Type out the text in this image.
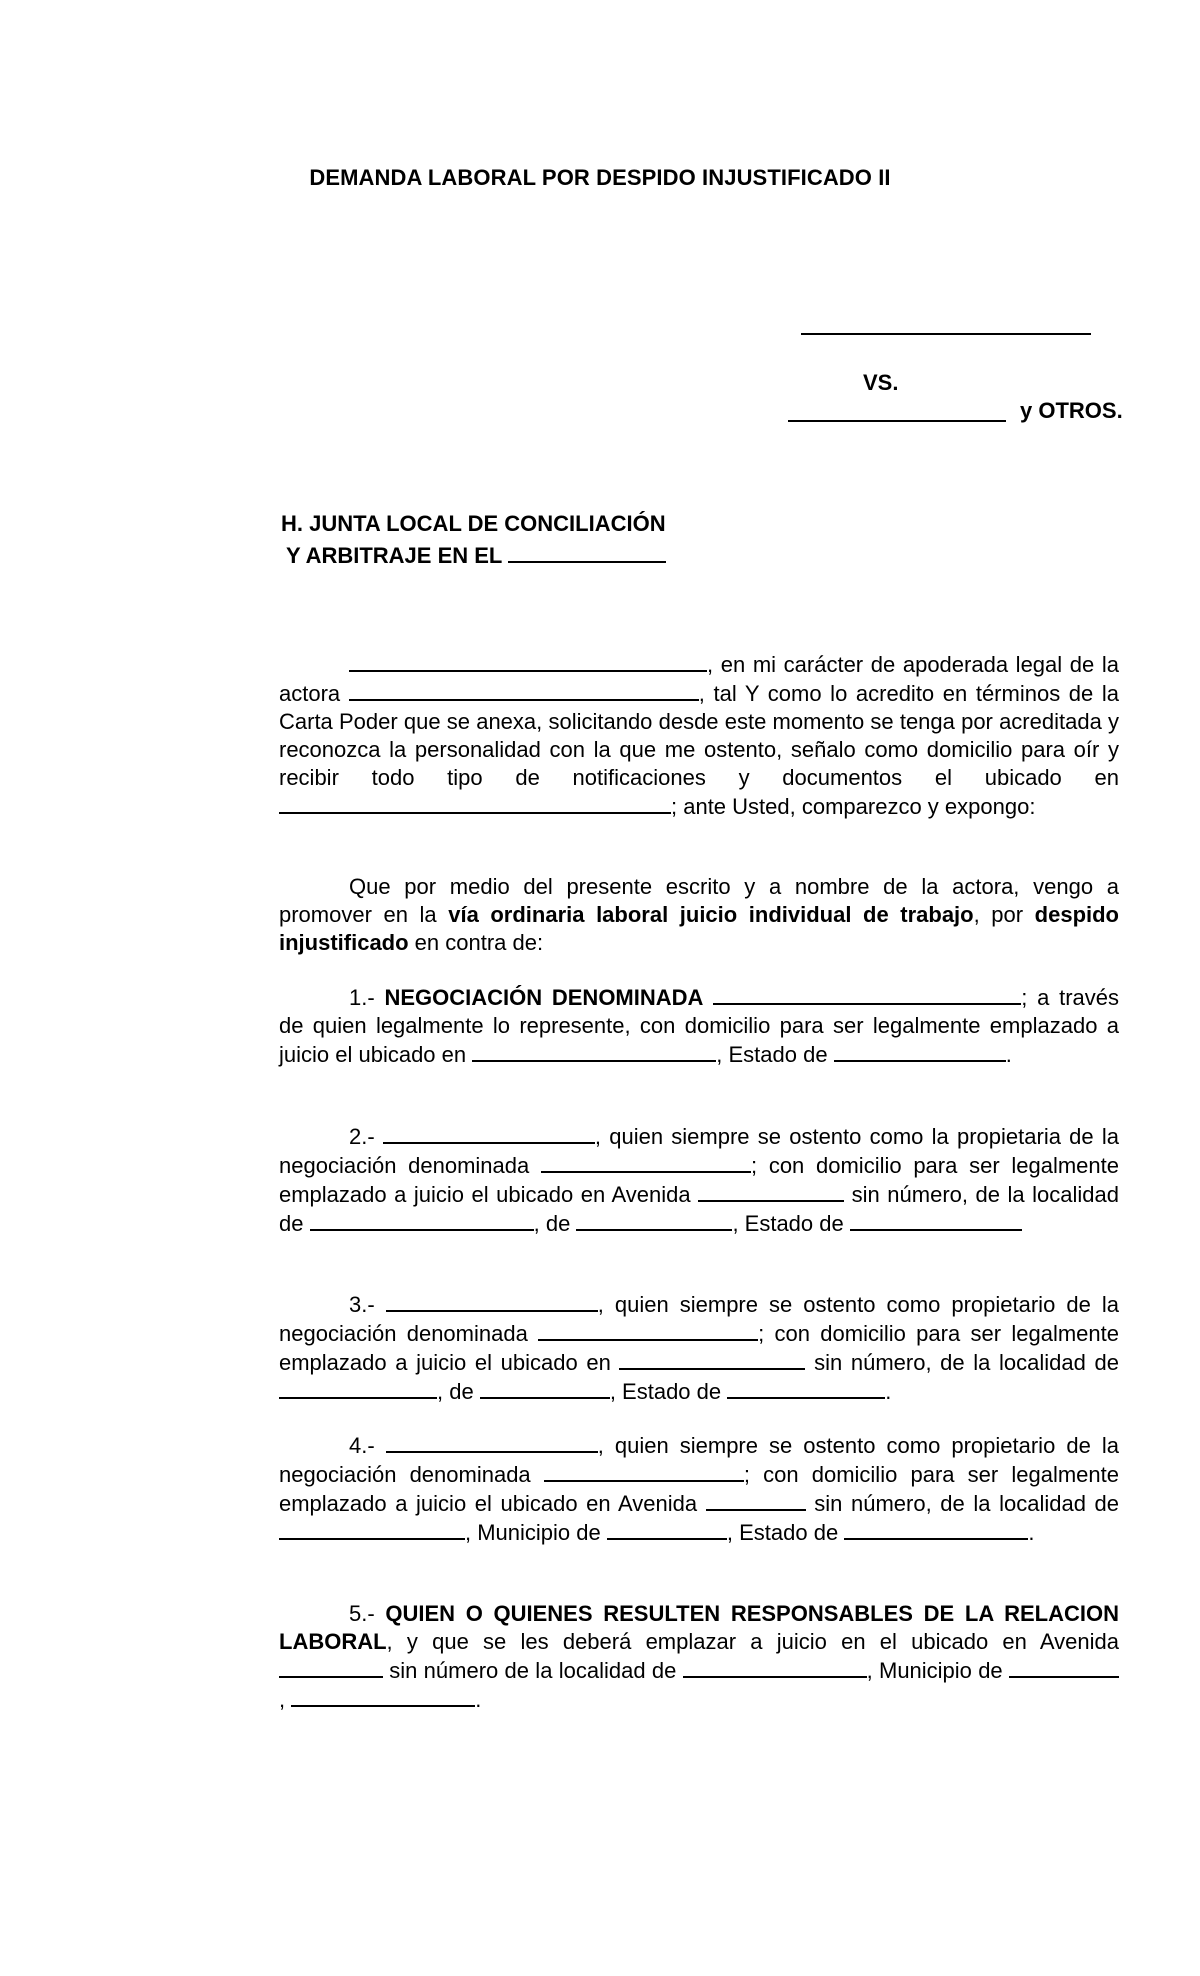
DEMANDA LABORAL POR DESPIDO INJUSTIFICADO II
VS.
y OTROS.
H. JUNTA LOCAL DE CONCILIACIÓN
Y ARBITRAJE EN EL

, en mi carácter de apoderada legal de la actora	, tal Y como lo acredito en términos de la Carta Poder que se anexa, solicitando desde este momento se tenga por acreditada y reconozca la personalidad con la que me ostento, señalo como domicilio para oír y recibir todo tipo de notificaciones y documentos el ubicado en; ante Usted, comparezco y expongo:

Que por medio del presente escrito y a nombre de la actora, vengo a promover en la vía ordinaria laboral juicio individual de trabajo, por despido injustificado en contra de:

1.- NEGOCIACIÓN DENOMINADA	; a través de quien legalmente lo represente, con domicilio para ser legalmente emplazado a juicio el ubicado en	, Estado de	.

2.-	, quien siempre se ostento como la propietaria de la negociación denominada	; con domicilio para ser legalmente emplazado a juicio el ubicado en Avenida	sin número, de la localidad de	, de	, Estado de

3.-	, quien siempre se ostento como propietario de la negociación denominada	; con domicilio para ser legalmente emplazado a juicio el ubicado en	sin número, de la localidad de , de	, Estado de	.

4.-	, quien siempre se ostento como propietario de la negociación denominada	; con domicilio para ser legalmente emplazado a juicio el ubicado en Avenida	sin número, de la localidad de , Municipio de	, Estado de	.

5.- QUIEN O QUIENES RESULTEN RESPONSABLES DE LA RELACION LABORAL, y que se les deberá emplazar a juicio en el ubicado en Avenida  sin número de la localidad de	, Municipio de ,	.
